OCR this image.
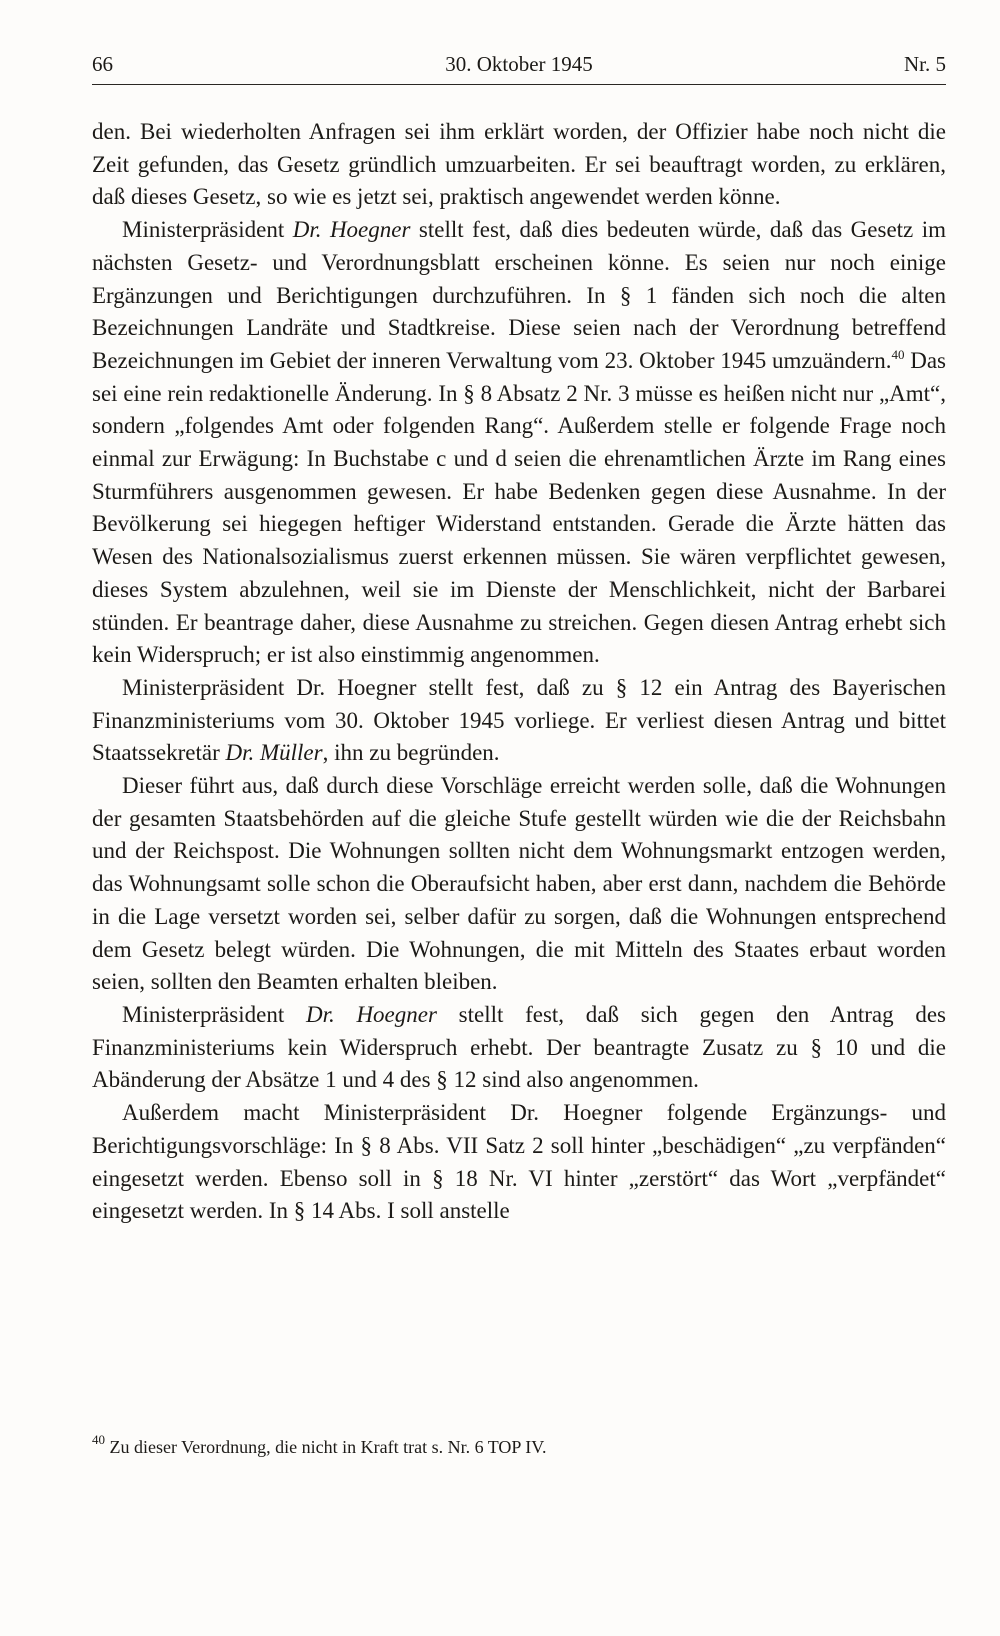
66	30. Oktober 1945	Nr. 5

den. Bei wiederholten Anfragen sei ihm erklärt worden, der Offizier habe noch nicht die Zeit gefunden, das Gesetz gründlich umzuarbeiten. Er sei beauftragt worden, zu erklären, daß dieses Gesetz, so wie es jetzt sei, praktisch angewendet werden könne.

Ministerpräsident Dr. Hoegner stellt fest, daß dies bedeuten würde, daß das Gesetz im nächsten Gesetz- und Verordnungsblatt erscheinen könne. Es seien nur noch einige Ergänzungen und Berichtigungen durchzuführen. In § 1 fänden sich noch die alten Bezeichnungen Landräte und Stadtkreise. Diese seien nach der Verordnung betreffend Bezeichnungen im Gebiet der inneren Verwaltung vom 23. Oktober 1945 umzuändern.$^{40}$ Das sei eine rein redaktionelle Änderung. In § 8 Absatz 2 Nr. 3 müsse es heißen nicht nur „Amt“, sondern „folgendes Amt oder folgenden Rang“. Außerdem stelle er folgende Frage noch einmal zur Erwägung: In Buchstabe c und d seien die ehrenamtlichen Ärzte im Rang eines Sturmführers ausgenommen gewesen. Er habe Bedenken gegen diese Ausnahme. In der Bevölkerung sei hiegegen heftiger Widerstand entstanden. Gerade die Ärzte hätten das Wesen des Nationalsozialismus zuerst erkennen müssen. Sie wären verpflichtet gewesen, dieses System abzulehnen, weil sie im Dienste der Menschlichkeit, nicht der Barbarei stünden. Er beantrage daher, diese Ausnahme zu streichen. Gegen diesen Antrag erhebt sich kein Widerspruch; er ist also einstimmig angenommen.

Ministerpräsident Dr. Hoegner stellt fest, daß zu § 12 ein Antrag des Bayerischen Finanzministeriums vom 30. Oktober 1945 vorliege. Er verliest diesen Antrag und bittet Staatssekretär Dr. Müller, ihn zu begründen.

Dieser führt aus, daß durch diese Vorschläge erreicht werden solle, daß die Wohnungen der gesamten Staatsbehörden auf die gleiche Stufe gestellt würden wie die der Reichsbahn und der Reichspost. Die Wohnungen sollten nicht dem Wohnungsmarkt entzogen werden, das Wohnungsamt solle schon die Oberaufsicht haben, aber erst dann, nachdem die Behörde in die Lage versetzt worden sei, selber dafür zu sorgen, daß die Wohnungen entsprechend dem Gesetz belegt würden. Die Wohnungen, die mit Mitteln des Staates erbaut worden seien, sollten den Beamten erhalten bleiben.

Ministerpräsident Dr. Hoegner stellt fest, daß sich gegen den Antrag des Finanzministeriums kein Widerspruch erhebt. Der beantragte Zusatz zu § 10 und die Abänderung der Absätze 1 und 4 des § 12 sind also angenommen.

Außerdem macht Ministerpräsident Dr. Hoegner folgende Ergänzungs- und Berichtigungsvorschläge: In § 8 Abs. VII Satz 2 soll hinter „beschädigen“ „zu verpfänden“ eingesetzt werden. Ebenso soll in § 18 Nr. VI hinter „zerstört“ das Wort „verpfändet“ eingesetzt werden. In § 14 Abs. I soll anstelle

$^{40}$ Zu dieser Verordnung, die nicht in Kraft trat s. Nr. 6 TOP IV.
